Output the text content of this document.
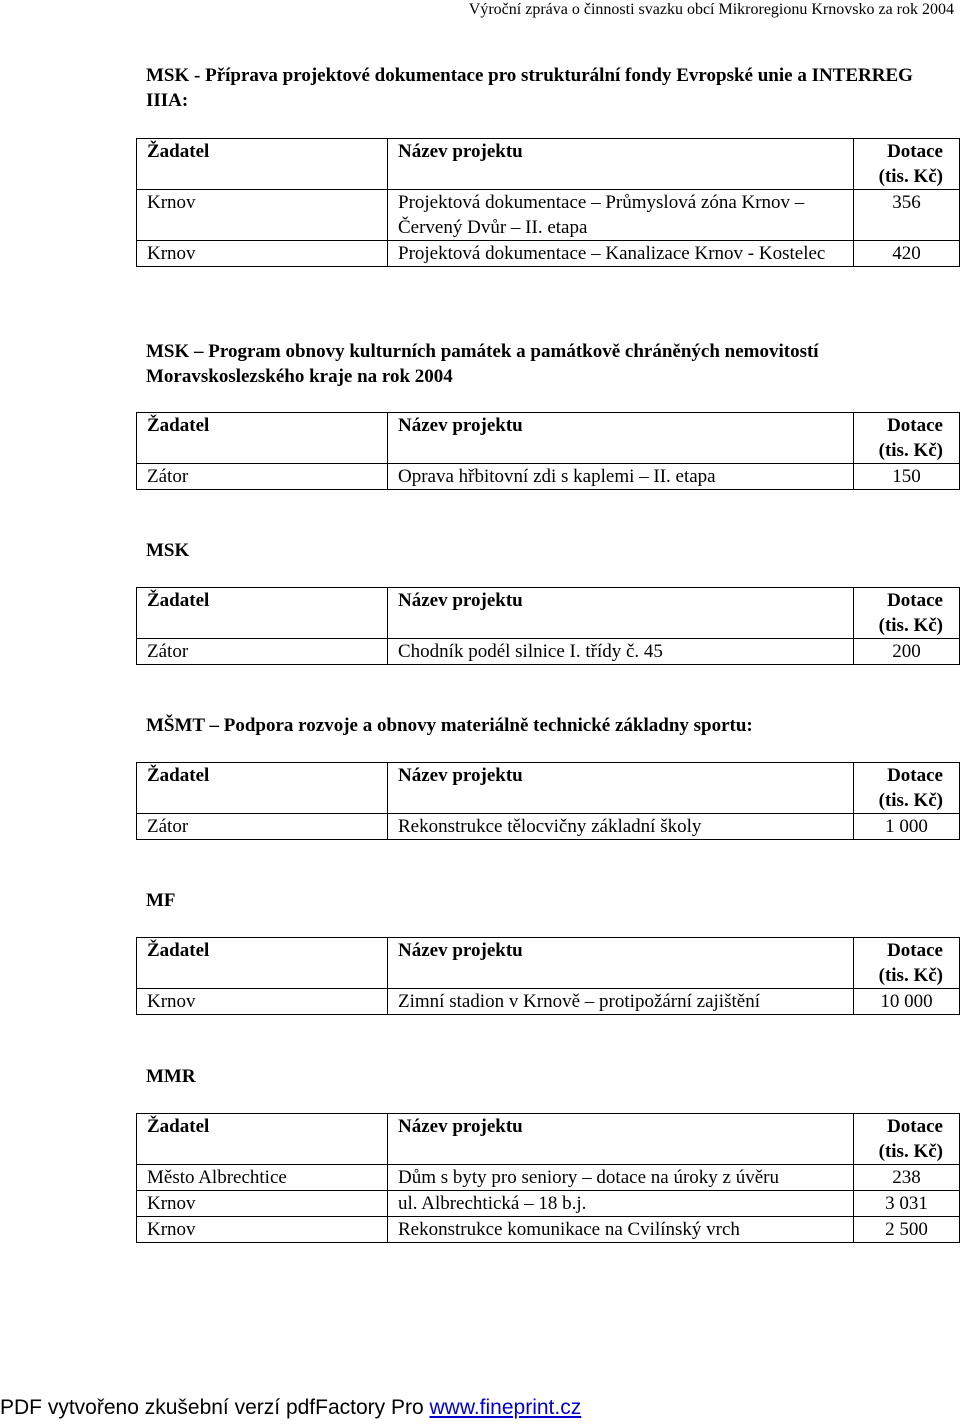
Výroční zpráva o činnosti svazku obcí Mikroregionu Krnovsko za rok 2004

MSK - Příprava projektové dokumentace pro strukturální fondy Evropské unie a INTERREG IIIA:

Žadatel	Název projektu	Dotace
(tis. Kč)

Krnov	Projektová dokumentace – Průmyslová zóna Krnov – Červený Dvůr – II. etapa	356
Krnov	Projektová dokumentace – Kanalizace Krnov - Kostelec	420

MSK – Program obnovy kulturních památek a památkově chráněných nemovitostí Moravskoslezského kraje na rok 2004

Žadatel	Název projektu	Dotace
(tis. Kč)

Zátor	Oprava hřbitovní zdi s kaplemi – II. etapa	150

MSK

Žadatel	Název projektu	Dotace
(tis. Kč)

Zátor	Chodník podél silnice I. třídy č. 45	200

MŠMT – Podpora rozvoje a obnovy materiálně technické základny sportu:

Žadatel	Název projektu	Dotace
(tis. Kč)

Zátor	Rekonstrukce tělocvičny základní školy	1 000

MF

Žadatel	Název projektu	Dotace
(tis. Kč)

Krnov	Zimní stadion v Krnově – protipožární zajištění	10 000

MMR

Žadatel	Název projektu	Dotace
(tis. Kč)

Město Albrechtice	Dům s byty pro seniory – dotace na úroky z úvěru	238
Krnov	ul. Albrechtická – 18 b.j.	3 031
Krnov	Rekonstrukce komunikace na Cvilínský vrch	2 500
PDF vytvořeno zkušební verzí pdfFactory Pro www.fineprint.cz
